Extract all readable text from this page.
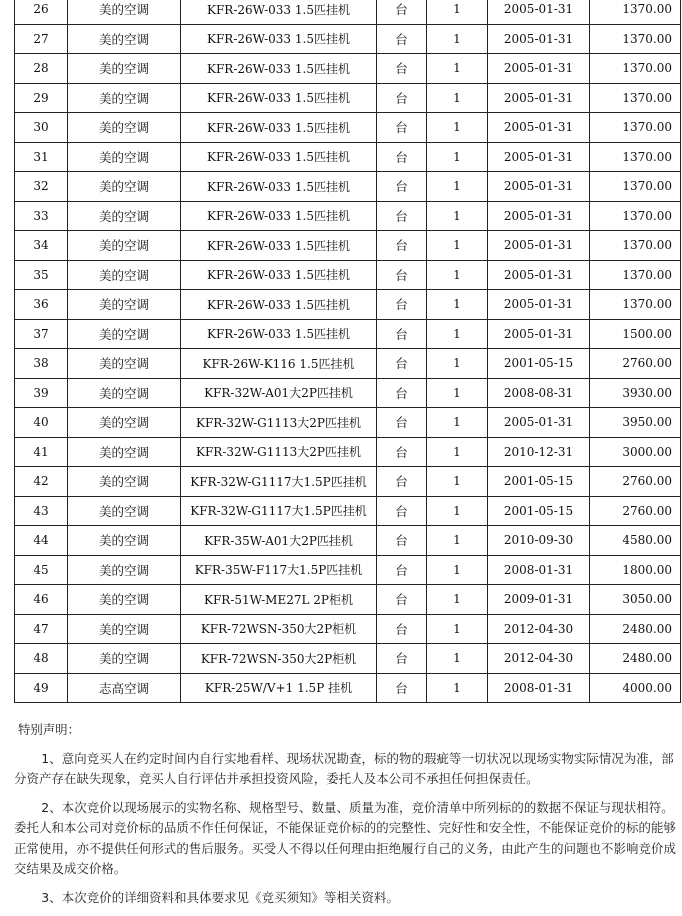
26	美的空调	KFR-26W-033 1.5匹挂机	台	1	2005-01-31	1370.00
27	美的空调	KFR-26W-033 1.5匹挂机	台	1	2005-01-31	1370.00
28	美的空调	KFR-26W-033 1.5匹挂机	台	1	2005-01-31	1370.00
29	美的空调	KFR-26W-033 1.5匹挂机	台	1	2005-01-31	1370.00
30	美的空调	KFR-26W-033 1.5匹挂机	台	1	2005-01-31	1370.00
31	美的空调	KFR-26W-033 1.5匹挂机	台	1	2005-01-31	1370.00
32	美的空调	KFR-26W-033 1.5匹挂机	台	1	2005-01-31	1370.00
33	美的空调	KFR-26W-033 1.5匹挂机	台	1	2005-01-31	1370.00
34	美的空调	KFR-26W-033 1.5匹挂机	台	1	2005-01-31	1370.00
35	美的空调	KFR-26W-033 1.5匹挂机	台	1	2005-01-31	1370.00
36	美的空调	KFR-26W-033 1.5匹挂机	台	1	2005-01-31	1370.00
37	美的空调	KFR-26W-033 1.5匹挂机	台	1	2005-01-31	1500.00
38	美的空调	KFR-26W-K116 1.5匹挂机	台	1	2001-05-15	2760.00
39	美的空调	KFR-32W-A01大2P匹挂机	台	1	2008-08-31	3930.00
40	美的空调	KFR-32W-G1113大2P匹挂机	台	1	2005-01-31	3950.00
41	美的空调	KFR-32W-G1113大2P匹挂机	台	1	2010-12-31	3000.00
42	美的空调	KFR-32W-G1117大1.5P匹挂机	台	1	2001-05-15	2760.00
43	美的空调	KFR-32W-G1117大1.5P匹挂机	台	1	2001-05-15	2760.00
44	美的空调	KFR-35W-A01大2P匹挂机	台	1	2010-09-30	4580.00
45	美的空调	KFR-35W-F117大1.5P匹挂机	台	1	2008-01-31	1800.00
46	美的空调	KFR-51W-ME27L 2P柜机	台	1	2009-01-31	3050.00
47	美的空调	KFR-72WSN-350大2P柜机	台	1	2012-04-30	2480.00
48	美的空调	KFR-72WSN-350大2P柜机	台	1	2012-04-30	2480.00
49	志高空调	KFR-25W/V+1 1.5P 挂机	台	1	2008-01-31	4000.00
特别声明：

1、意向竞买人在约定时间内自行实地看样、现场状况勘查，标的物的瑕疵等一切状况以现场实物实际情况为准，部分资产存在缺失现象，竞买人自行评估并承担投资风险，委托人及本公司不承担任何担保责任。

2、本次竞价以现场展示的实物名称、规格型号、数量、质量为准，竞价清单中所列标的的数据不保证与现状相符。委托人和本公司对竞价标的品质不作任何保证，不能保证竞价标的的完整性、完好性和安全性，不能保证竞价的标的能够正常使用，亦不提供任何形式的售后服务。买受人不得以任何理由拒绝履行自己的义务，由此产生的问题也不影响竞价成交结果及成交价格。

3、本次竞价的详细资料和具体要求见《竞买须知》等相关资料。
